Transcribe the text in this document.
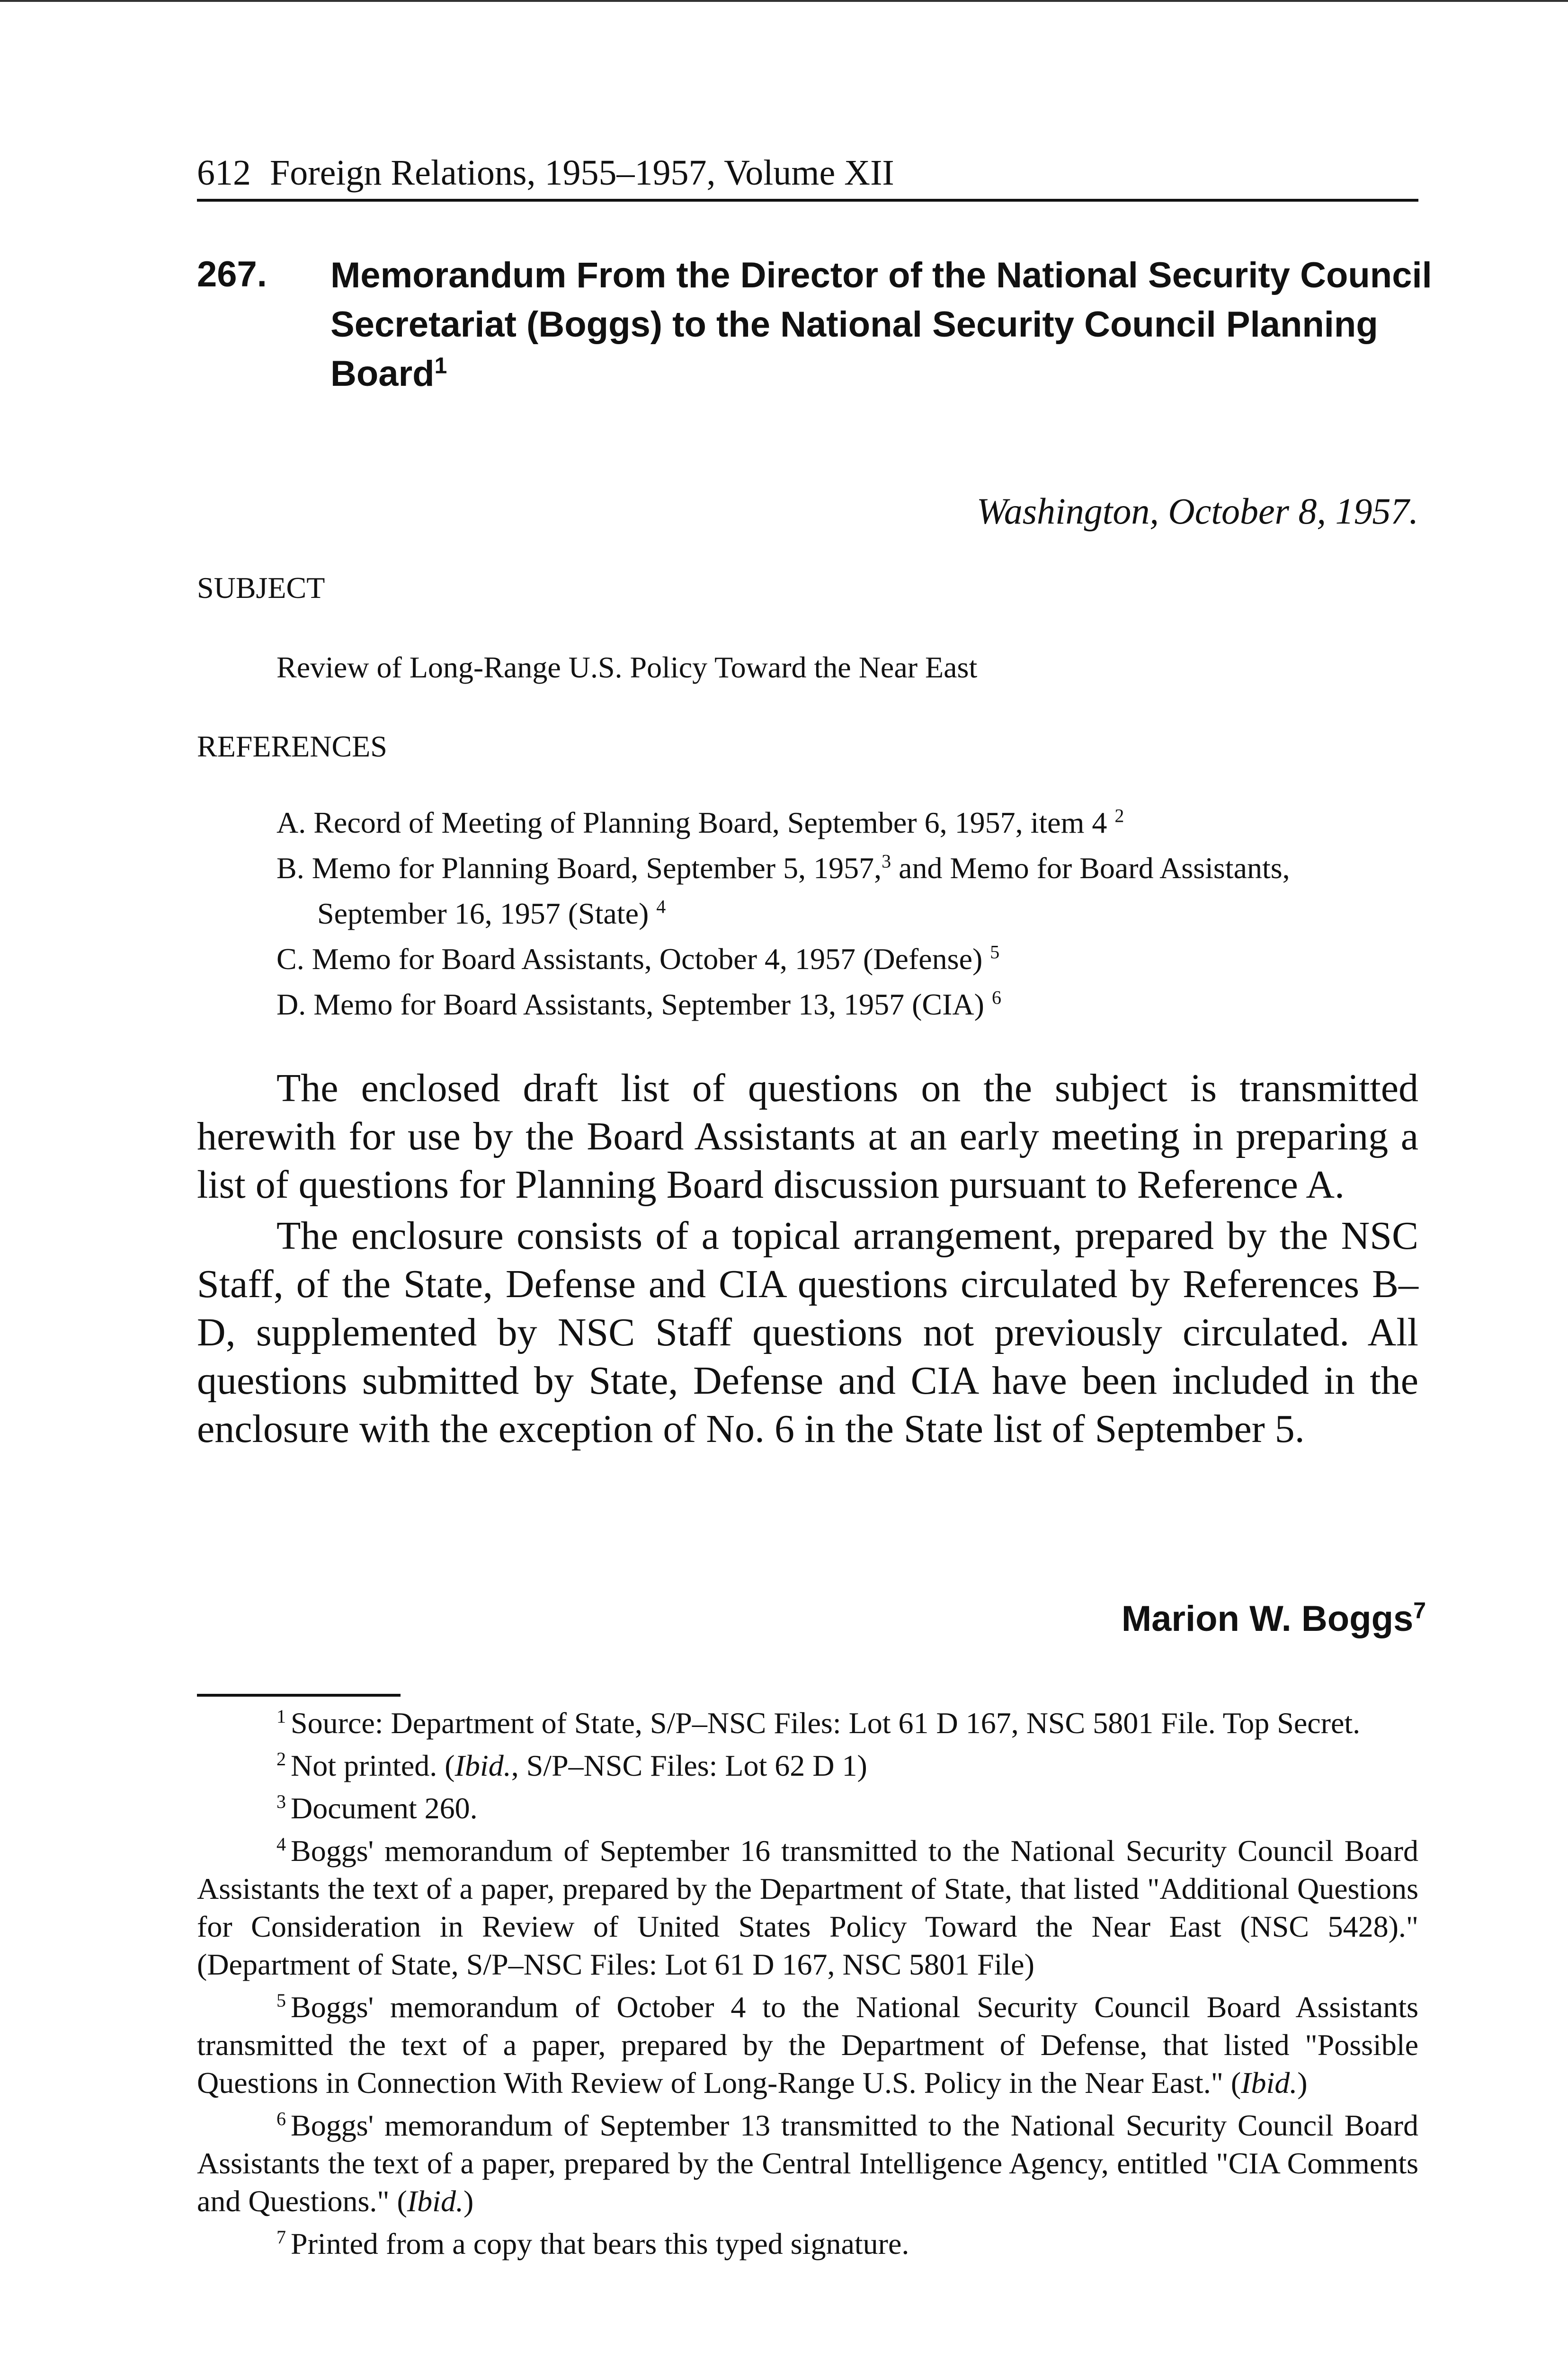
612 Foreign Relations, 1955–1957, Volume XII
267. Memorandum From the Director of the National Security Council Secretariat (Boggs) to the National Security Council Planning Board$^1$
Washington, October 8, 1957.
SUBJECT
Review of Long-Range U.S. Policy Toward the Near East
REFERENCES
A. Record of Meeting of Planning Board, September 6, 1957, item 4 $^2$
B. Memo for Planning Board, September 5, 1957,$^3$ and Memo for Board Assistants, September 16, 1957 (State) $^4$
C. Memo for Board Assistants, October 4, 1957 (Defense) $^5$
D. Memo for Board Assistants, September 13, 1957 (CIA) $^6$

The enclosed draft list of questions on the subject is transmitted herewith for use by the Board Assistants at an early meeting in preparing a list of questions for Planning Board discussion pursuant to Reference A.

The enclosure consists of a topical arrangement, prepared by the NSC Staff, of the State, Defense and CIA questions circulated by References B–D, supplemented by NSC Staff questions not previously circulated. All questions submitted by State, Defense and CIA have been included in the enclosure with the exception of No. 6 in the State list of September 5.

Marion W. Boggs$^7$

$^1$ Source: Department of State, S/P–NSC Files: Lot 61 D 167, NSC 5801 File. Top Secret.

$^2$ Not printed. (Ibid., S/P–NSC Files: Lot 62 D 1)

$^3$ Document 260.

$^4$ Boggs' memorandum of September 16 transmitted to the National Security Council Board Assistants the text of a paper, prepared by the Department of State, that listed "Additional Questions for Consideration in Review of United States Policy Toward the Near East (NSC 5428)." (Department of State, S/P–NSC Files: Lot 61 D 167, NSC 5801 File)

$^5$ Boggs' memorandum of October 4 to the National Security Council Board Assistants transmitted the text of a paper, prepared by the Department of Defense, that listed "Possible Questions in Connection With Review of Long-Range U.S. Policy in the Near East." (Ibid.)

$^6$ Boggs' memorandum of September 13 transmitted to the National Security Council Board Assistants the text of a paper, prepared by the Central Intelligence Agency, entitled "CIA Comments and Questions." (Ibid.)

$^7$ Printed from a copy that bears this typed signature.
